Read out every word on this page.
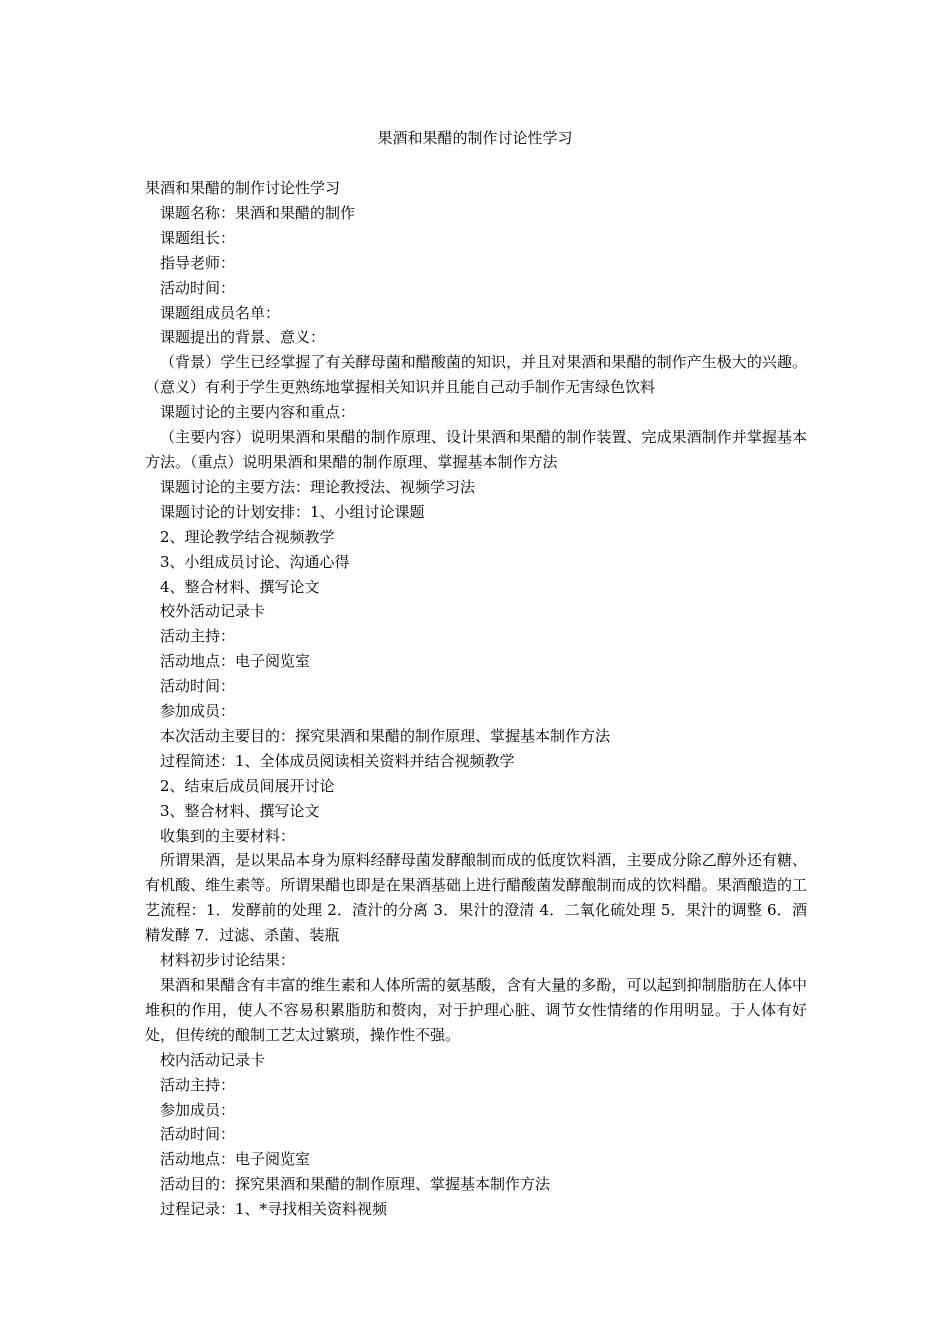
果酒和果醋的制作讨论性学习
果酒和果醋的制作讨论性学习
课题名称：果酒和果醋的制作
课题组长：
指导老师：
活动时间：
课题组成员名单：
课题提出的背景、意义：
（背景）学生已经掌握了有关酵母菌和醋酸菌的知识，并且对果酒和果醋的制作产生极大的兴趣。（意义）有利于学生更熟练地掌握相关知识并且能自己动手制作无害绿色饮料
课题讨论的主要内容和重点：
（主要内容）说明果酒和果醋的制作原理、设计果酒和果醋的制作装置、完成果酒制作并掌握基本方法。（重点）说明果酒和果醋的制作原理、掌握基本制作方法
课题讨论的主要方法：理论教授法、视频学习法
课题讨论的计划安排：1、小组讨论课题
2、理论教学结合视频教学
3、小组成员讨论、沟通心得
4、整合材料、撰写论文
校外活动记录卡
活动主持：
活动地点：电子阅览室
活动时间：
参加成员：
本次活动主要目的：探究果酒和果醋的制作原理、掌握基本制作方法
过程简述：1、全体成员阅读相关资料并结合视频教学
2、结束后成员间展开讨论
3、整合材料、撰写论文
收集到的主要材料：
所谓果酒，是以果品本身为原料经酵母菌发酵酿制而成的低度饮料酒，主要成分除乙醇外还有糖、有机酸、维生素等。所谓果醋也即是在果酒基础上进行醋酸菌发酵酿制而成的饮料醋。果酒酿造的工艺流程：1．发酵前的处理 2．渣汁的分离 3．果汁的澄清 4．二氧化硫处理 5．果汁的调整 6．酒精发酵 7．过滤、杀菌、装瓶
材料初步讨论结果：
果酒和果醋含有丰富的维生素和人体所需的氨基酸，含有大量的多酚，可以起到抑制脂肪在人体中堆积的作用，使人不容易积累脂肪和赘肉，对于护理心脏、调节女性情绪的作用明显。于人体有好处，但传统的酿制工艺太过繁琐，操作性不强。
校内活动记录卡
活动主持：
参加成员：
活动时间：
活动地点：电子阅览室
活动目的：探究果酒和果醋的制作原理、掌握基本制作方法
过程记录：1、*寻找相关资料视频
